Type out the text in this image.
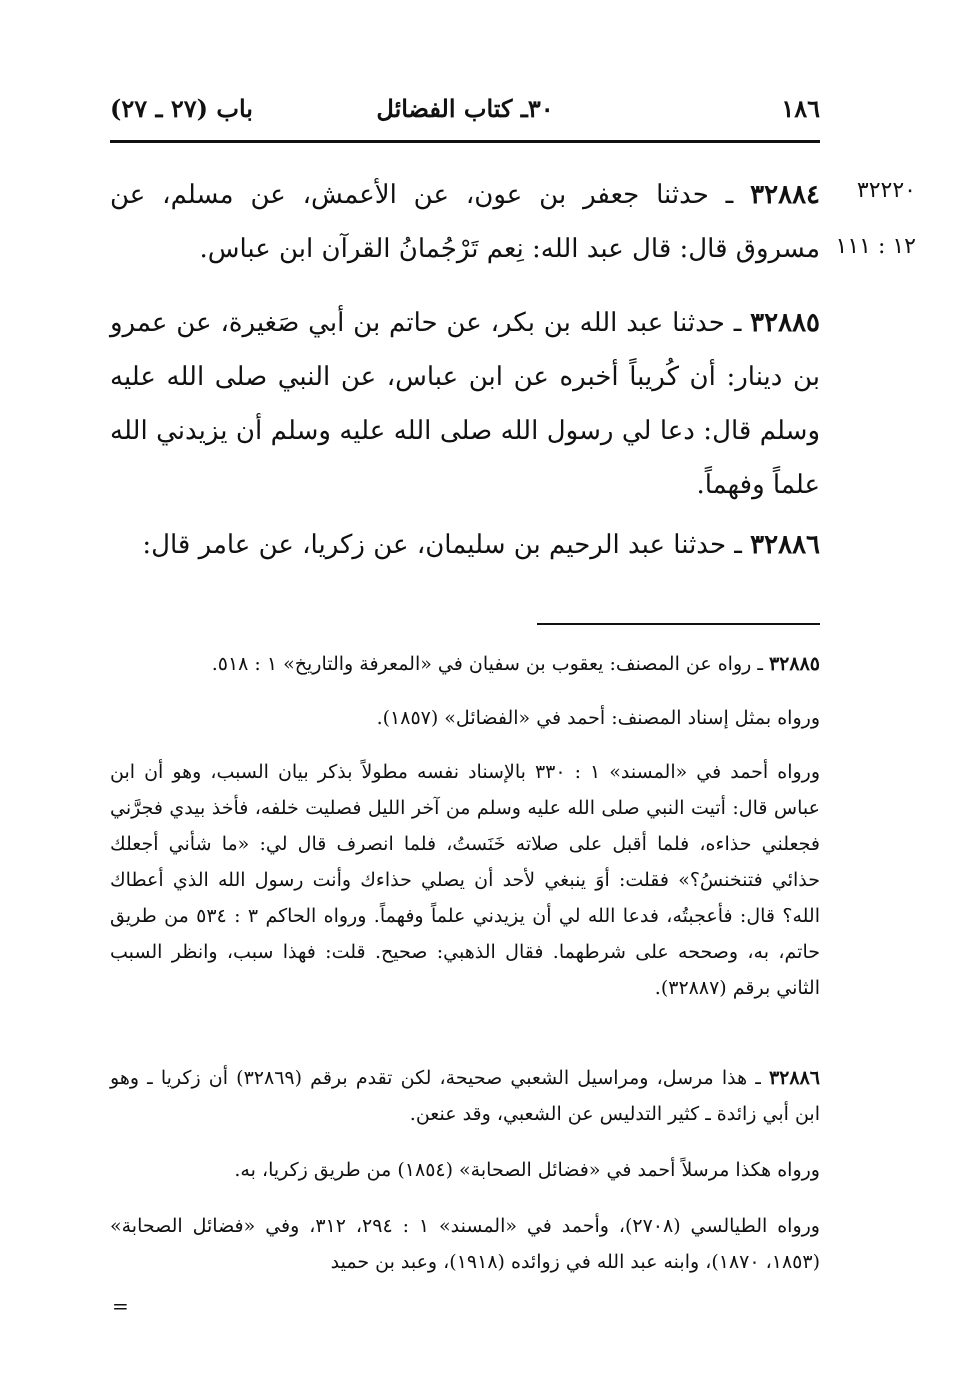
١٨٦
٣٠ـ كتاب الفضائل
باب (٢٧ ـ ٢٧)
٣٢٢٢٠
١٢ : ١١١

٣٢٨٨٤ ـ حدثنا جعفر بن عون، عن الأعمش، عن مسلم، عن مسروق قال: قال عبد الله: نِعم تَرْجُمانُ القرآن ابن عباس.

٣٢٨٨٥ ـ حدثنا عبد الله بن بكر، عن حاتم بن أبي صَغيرة، عن عمرو بن دينار: أن كُريباً أخبره عن ابن عباس، عن النبي صلى الله عليه وسلم قال: دعا لي رسول الله صلى الله عليه وسلم أن يزيدني الله علماً وفهماً.

٣٢٨٨٦ ـ حدثنا عبد الرحيم بن سليمان، عن زكريا، عن عامر قال:

٣٢٨٨٥ ـ رواه عن المصنف: يعقوب بن سفيان في «المعرفة والتاريخ» ١ : ٥١٨.

ورواه بمثل إسناد المصنف: أحمد في «الفضائل» (١٨٥٧).

ورواه أحمد في «المسند» ١ : ٣٣٠ بالإسناد نفسه مطولاً بذكر بيان السبب، وهو أن ابن عباس قال: أتيت النبي صلى الله عليه وسلم من آخر الليل فصليت خلفه، فأخذ بيدي فجرَّني فجعلني حذاءه، فلما أقبل على صلاته خَنَستُ، فلما انصرف قال لي: «ما شأني أجعلك حذائي فتنخنسُ؟» فقلت: أوَ ينبغي لأحد أن يصلي حذاءك وأنت رسول الله الذي أعطاك الله؟ قال: فأعجبتُه، فدعا الله لي أن يزيدني علماً وفهماً. ورواه الحاكم ٣ : ٥٣٤ من طريق حاتم، به، وصححه على شرطهما. فقال الذهبي: صحيح. قلت: فهذا سبب، وانظر السبب الثاني برقم (٣٢٨٨٧).

٣٢٨٨٦ ـ هذا مرسل، ومراسيل الشعبي صحيحة، لكن تقدم برقم (٣٢٨٦٩) أن زكريا ـ وهو ابن أبي زائدة ـ كثير التدليس عن الشعبي، وقد عنعن.

ورواه هكذا مرسلاً أحمد في «فضائل الصحابة» (١٨٥٤) من طريق زكريا، به.

ورواه الطيالسي (٢٧٠٨)، وأحمد في «المسند» ١ : ٢٩٤، ٣١٢، وفي «فضائل الصحابة» (١٨٥٣، ١٨٧٠)، وابنه عبد الله في زوائده (١٩١٨)، وعبد بن حميد

=
